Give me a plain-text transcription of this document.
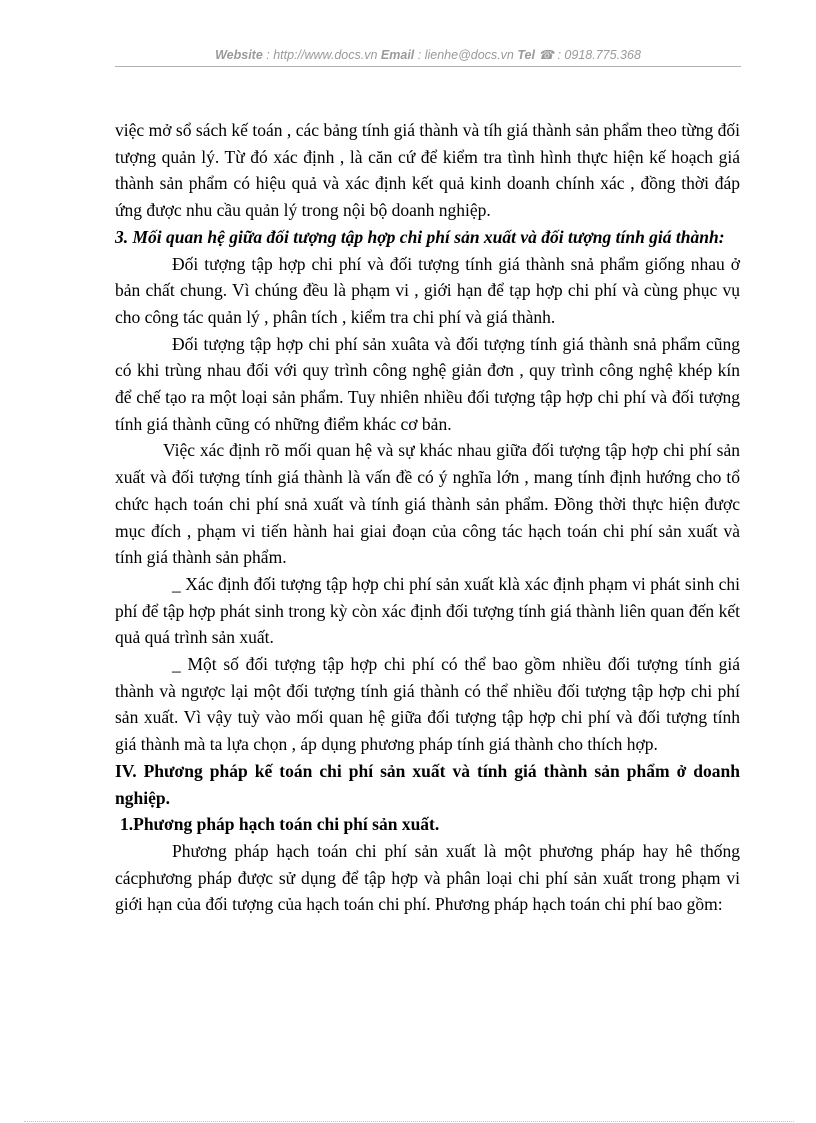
Website : http://www.docs.vn Email : lienhe@docs.vn Tel ☎ : 0918.775.368

việc mở sổ sách kế toán , các bảng tính giá thành và tíh giá thành sản phẩm theo từng đối tượng quản lý. Từ đó xác định , là căn cứ để kiểm tra tình hình thực hiện kế hoạch giá thành sản phẩm có hiệu quả và xác định kết quả kinh doanh chính xác , đồng thời đáp ứng được nhu cầu quản lý trong nội bộ doanh nghiệp.

3. Mối quan hệ giữa đối tượng tập hợp chi phí sản xuất và đối tượng tính giá thành:

Đối tượng tập hợp chi phí và đối tượng tính giá thành snả phẩm giống nhau ở bản chất chung. Vì chúng đều là phạm vi , giới hạn để tạp hợp chi phí và cùng phục vụ cho công tác quản lý , phân tích , kiểm tra chi phí và giá thành.

Đối tượng tập hợp chi phí sản xuâta và đối tượng tính giá thành snả phẩm cũng có khi trùng nhau đối với quy trình công nghệ giản đơn , quy trình công nghệ khép kín để chế tạo ra một loại sản phẩm. Tuy nhiên nhiều đối tượng tập hợp chi phí và đối tượng tính giá thành cũng có những điểm khác cơ bản.

Việc xác định rõ mối quan hệ và sự khác nhau giữa đối tượng tập hợp chi phí sản xuất và đối tượng tính giá thành là vấn đề có ý nghĩa lớn , mang tính định hướng cho tổ chức hạch toán chi phí snả xuất và tính giá thành sản phẩm. Đồng thời thực hiện được mục đích , phạm vi tiến hành hai giai đoạn của công tác hạch toán chi phí sản xuất và tính giá thành sản phẩm.

_ Xác định đối tượng tập hợp chi phí sản xuất klà xác định phạm vi phát sinh chi phí để tập hợp phát sinh trong kỳ còn xác định đối tượng tính giá thành liên quan đến kết quả quá trình sản xuất.

_ Một số đối tượng tập hợp chi phí có thể bao gồm nhiều đối tượng tính giá thành và ngược lại một đối tượng tính giá thành có thể nhiều đối tượng tập hợp chi phí sản xuất. Vì vậy tuỳ vào mối quan hệ giữa đối tượng tập hợp chi phí và đối tượng tính giá thành mà ta lựa chọn , áp dụng phương pháp tính giá thành cho thích hợp.

IV. Phương pháp kế toán chi phí sản xuất và tính giá thành sản phẩm ở doanh nghiệp.

1.Phương pháp hạch toán chi phí sản xuất.

Phương pháp hạch toán chi phí sản xuất là một phương pháp hay hê thống cácphương pháp được sử dụng để tập hợp và phân loại chi phí sản xuất trong phạm vi giới hạn của đối tượng của hạch toán chi phí. Phương pháp hạch toán chi phí bao gồm:
